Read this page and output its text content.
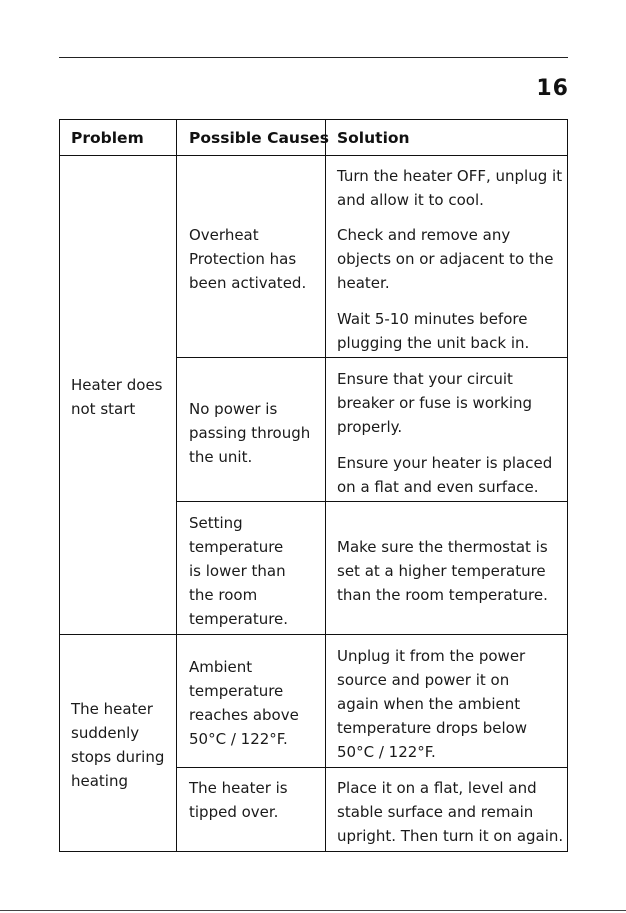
16
Problem	Possible Causes Solution
Heater does
not start
Overheat
Protection has
been activated.
Turn the heater OFF, unplug it
and allow it to cool.
Check and remove any
objects on or adjacent to the
heater.
Wait 5-10 minutes before
plugging the unit back in.
No power is
passing through
the unit.
Ensure that your circuit
breaker or fuse is working
properly.
Ensure your heater is placed
on a flat and even surface.
Setting
temperature
is lower than
the room
temperature.
Make sure the thermostat is
set at a higher temperature
than the room temperature.
The heater
suddenly
stops during
heating
Ambient
temperature
reaches above
50°C / 122°F.
Unplug it from the power
source and power it on
again when the ambient
temperature drops below
50°C / 122°F.
The heater is
tipped over.
Place it on a flat, level and
stable surface and remain
upright. Then turn it on again.
